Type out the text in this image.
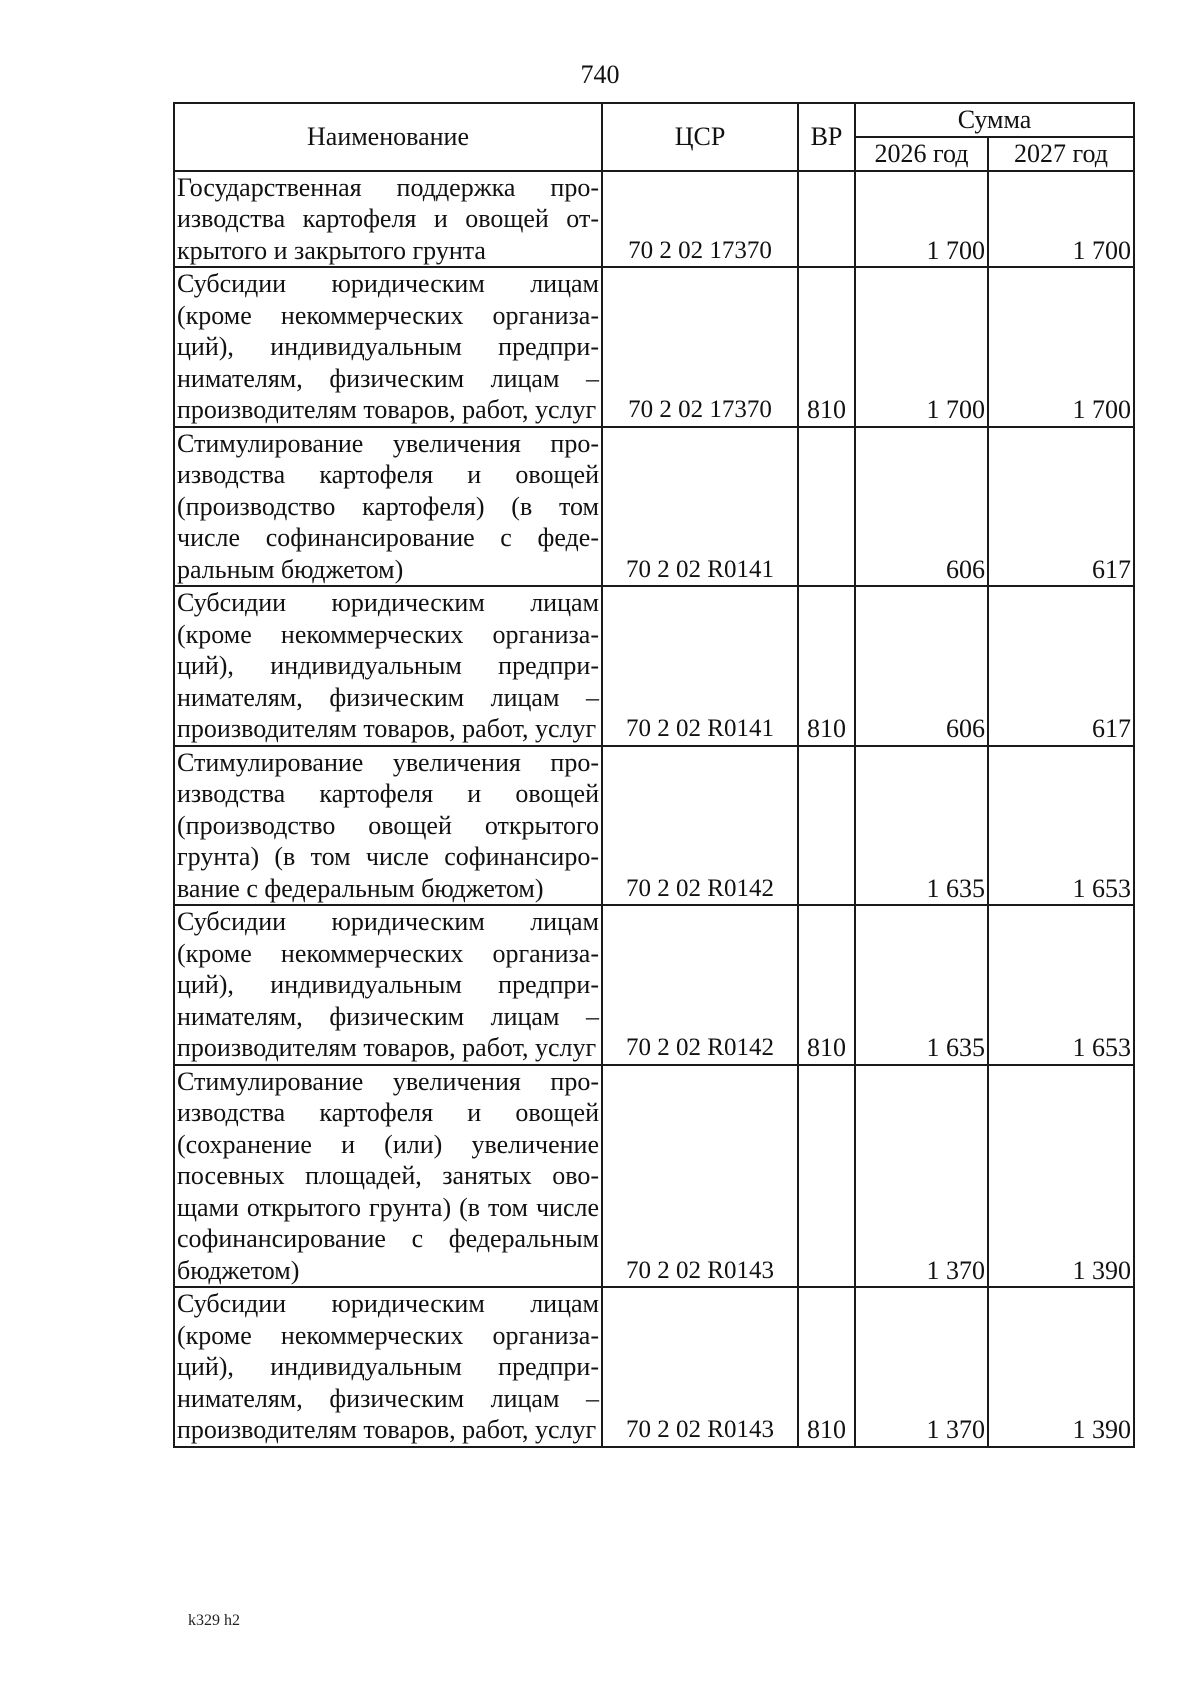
740
Наименование	ЦСР	ВР	Сумма	
			2026 год	2027 год
Государственная поддержка производства картофеля и овощей открытого и закрытого грунта	70 2 02 17370		1 700	1 700
Субсидии юридическим лицам (кроме некоммерческих организаций), индивидуальным предпринимателям, физическим лицам – производителям товаров, работ, услуг	70 2 02 17370	810	1 700	1 700
Стимулирование увеличения производства картофеля и овощей (производство картофеля) (в том числе софинансирование с федеральным бюджетом)	70 2 02 R0141		606	617
Субсидии юридическим лицам (кроме некоммерческих организаций), индивидуальным предпринимателям, физическим лицам – производителям товаров, работ, услуг	70 2 02 R0141	810	606	617
Стимулирование увеличения производства картофеля и овощей (производство овощей открытого грунта) (в том числе софинансирование с федеральным бюджетом)	70 2 02 R0142		1 635	1 653
Субсидии юридическим лицам (кроме некоммерческих организаций), индивидуальным предпринимателям, физическим лицам – производителям товаров, работ, услуг	70 2 02 R0142	810	1 635	1 653
Стимулирование увеличения производства картофеля и овощей (сохранение и (или) увеличение посевных площадей, занятых овощами открытого грунта) (в том числе софинансирование с федеральным бюджетом)	70 2 02 R0143		1 370	1 390
Субсидии юридическим лицам (кроме некоммерческих организаций), индивидуальным предпринимателям, физическим лицам – производителям товаров, работ, услуг	70 2 02 R0143	810	1 370	1 390
k329 h2
